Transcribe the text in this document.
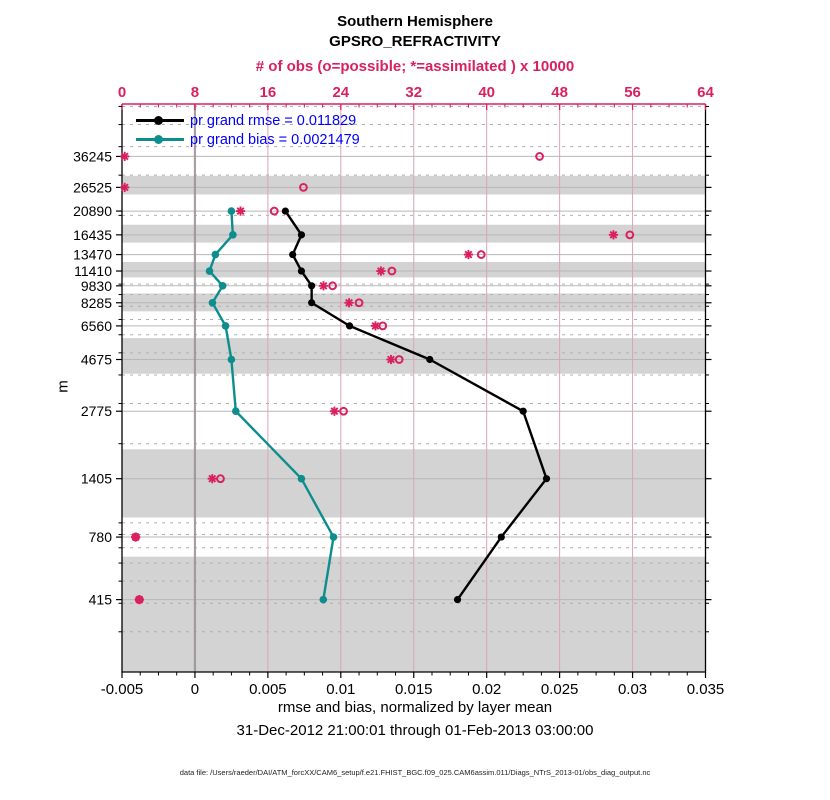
Southern Hemisphere
GPSRO_REFRACTIVITY
# of obs (o=possible; *=assimilated ) x 10000
-0.005	0	0.005	0.01	0.015	0.02	0.025	0.03	0.035
0	8	16	24	32	40	48	56	64
415
780
1405
2775
4675
6560
8285
9830
11410
13470
16435
20890
26525
36245
pr grand rmse = 0.011829
pr grand bias = 0.0021479
m
rmse and bias, normalized by layer mean
31-Dec-2012 21:00:01 through 01-Feb-2013 03:00:00
data file: /Users/raeder/DAI/ATM_forcXX/CAM6_setup/f.e21.FHIST_BGC.f09_025.CAM6assim.011/Diags_NTrS_2013-01/obs_diag_output.nc
